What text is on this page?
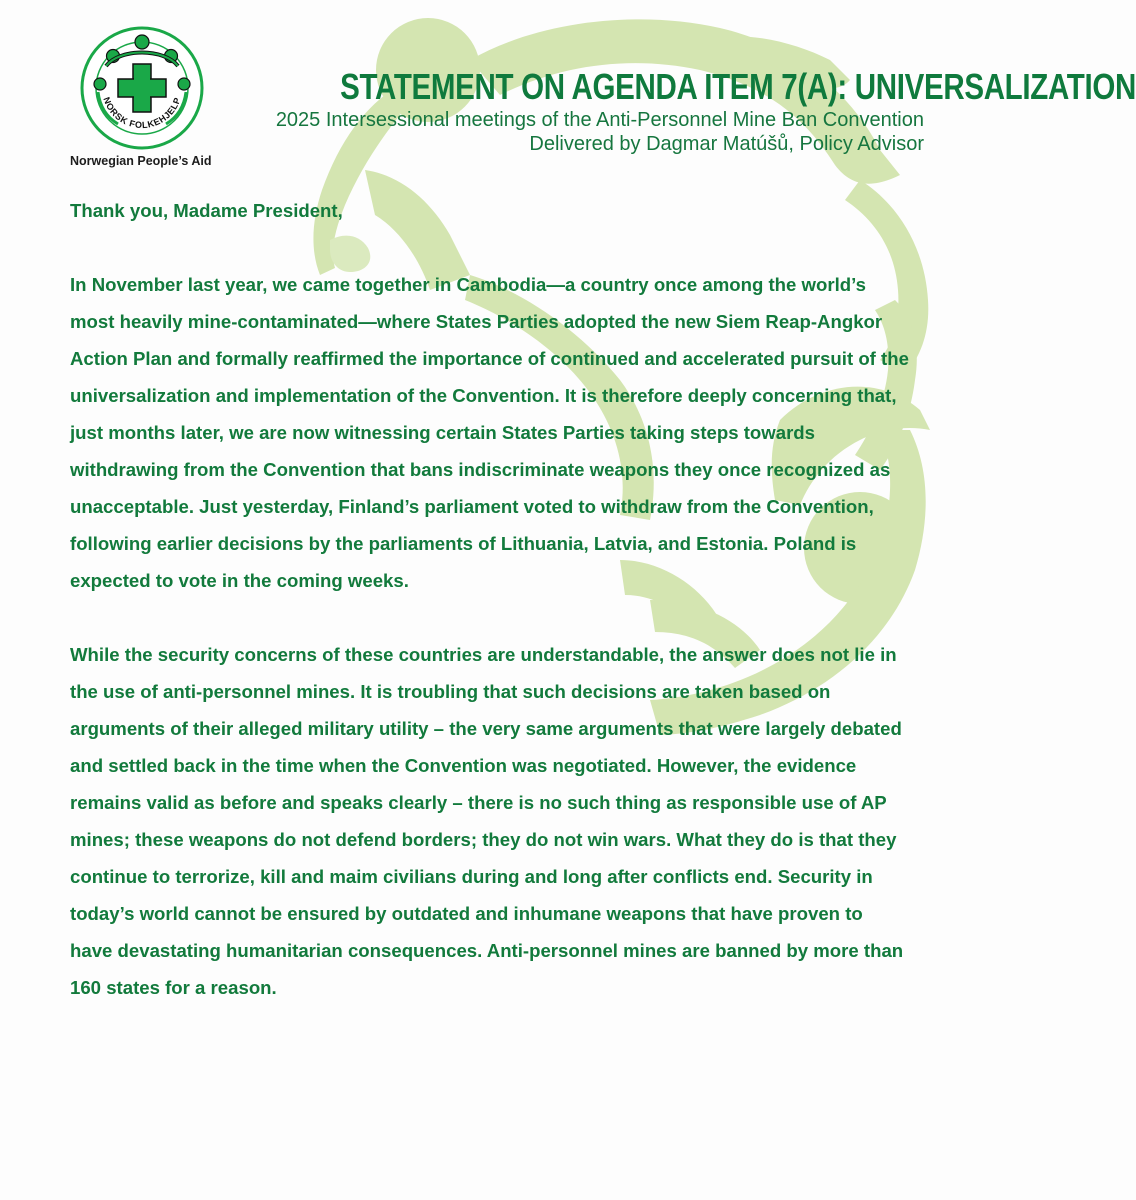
NORSK FOLKEHJELP
Norwegian People’s Aid
STATEMENT ON AGENDA ITEM 7(A): UNIVERSALIZATION
2025 Intersessional meetings of the Anti-Personnel Mine Ban Convention
Delivered by Dagmar Matúšů, Policy Advisor

Thank you, Madame President,

In November last year, we came together in Cambodia—a country once among the world’s most heavily mine-contaminated—where States Parties adopted the new Siem Reap-Angkor Action Plan and formally reaffirmed the importance of continued and accelerated pursuit of the universalization and implementation of the Convention. It is therefore deeply concerning that, just months later, we are now witnessing certain States Parties taking steps towards withdrawing from the Convention that bans indiscriminate weapons they once recognized as unacceptable. Just yesterday, Finland’s parliament voted to withdraw from the Convention, following earlier decisions by the parliaments of Lithuania, Latvia, and Estonia. Poland is expected to vote in the coming weeks.

While the security concerns of these countries are understandable, the answer does not lie in the use of anti-personnel mines. It is troubling that such decisions are taken based on arguments of their alleged military utility – the very same arguments that were largely debated and settled back in the time when the Convention was negotiated. However, the evidence remains valid as before and speaks clearly – there is no such thing as responsible use of AP mines; these weapons do not defend borders; they do not win wars. What they do is that they continue to terrorize, kill and maim civilians during and long after conflicts end. Security in today’s world cannot be ensured by outdated and inhumane weapons that have proven to have devastating humanitarian consequences. Anti-personnel mines are banned by more than 160 states for a reason.
